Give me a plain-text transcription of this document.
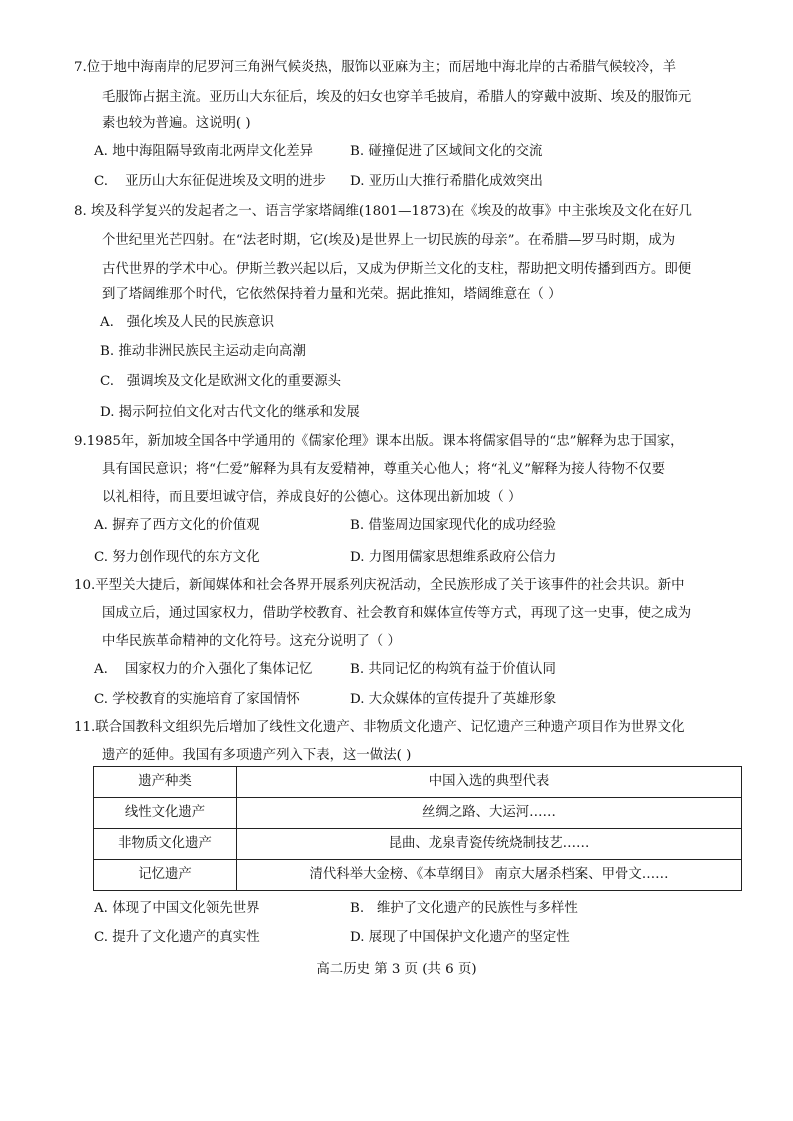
7.位于地中海南岸的尼罗河三角洲气候炎热，服饰以亚麻为主；而居地中海北岸的古希腊气候较冷，羊
毛服饰占据主流。亚历山大东征后，埃及的妇女也穿羊毛披肩，希腊人的穿戴中波斯、埃及的服饰元
素也较为普遍。这说明( )
A. 地中海阻隔导致南北两岸文化差异	B. 碰撞促进了区域间文化的交流
C. 亚历山大东征促进埃及文明的进步 D. 亚历山大推行希腊化成效突出
8. 埃及科学复兴的发起者之一、语言学家塔阔维(1801—1873)在《埃及的故事》中主张埃及文化在好几
个世纪里光芒四射。在“法老时期，它(埃及)是世界上一切民族的母亲”。在希腊—罗马时期，成为
古代世界的学术中心。伊斯兰教兴起以后，又成为伊斯兰文化的支柱，帮助把文明传播到西方。即便
到了塔阔维那个时代，它依然保持着力量和光荣。据此推知，塔阔维意在（ ）
A. 强化埃及人民的民族意识
B. 推动非洲民族民主运动走向高潮
C. 强调埃及文化是欧洲文化的重要源头
D. 揭示阿拉伯文化对古代文化的继承和发展
9.1985年，新加坡全国各中学通用的《儒家伦理》课本出版。课本将儒家倡导的“忠”解释为忠于国家，
具有国民意识；将“仁爱”解释为具有友爱精神，尊重关心他人；将“礼义”解释为接人待物不仅要
以礼相待，而且要坦诚守信，养成良好的公德心。这体现出新加坡（ ）
A. 摒弃了西方文化的价值观	B. 借鉴周边国家现代化的成功经验
C. 努力创作现代的东方文化	D. 力图用儒家思想维系政府公信力
10.平型关大捷后，新闻媒体和社会各界开展系列庆祝活动，全民族形成了关于该事件的社会共识。新中
国成立后，通过国家权力，借助学校教育、社会教育和媒体宣传等方式，再现了这一史事，使之成为
中华民族革命精神的文化符号。这充分说明了（ ）
A. 国家权力的介入强化了集体记忆	B. 共同记忆的构筑有益于价值认同
C. 学校教育的实施培育了家国情怀	D. 大众媒体的宣传提升了英雄形象
11.联合国教科文组织先后增加了线性文化遗产、非物质文化遗产、记忆遗产三种遗产项目作为世界文化
遗产的延伸。我国有多项遗产列入下表，这一做法( )
遗产种类	中国入选的典型代表
线性文化遗产	丝绸之路、大运河……
非物质文化遗产	昆曲、龙泉青瓷传统烧制技艺……
记忆遗产	清代科举大金榜、《本草纲目》 南京大屠杀档案、甲骨文……
A. 体现了中国文化领先世界	B. 维护了文化遗产的民族性与多样性
C. 提升了文化遗产的真实性	D. 展现了中国保护文化遗产的坚定性
高二历史 第 3 页 (共 6 页)
